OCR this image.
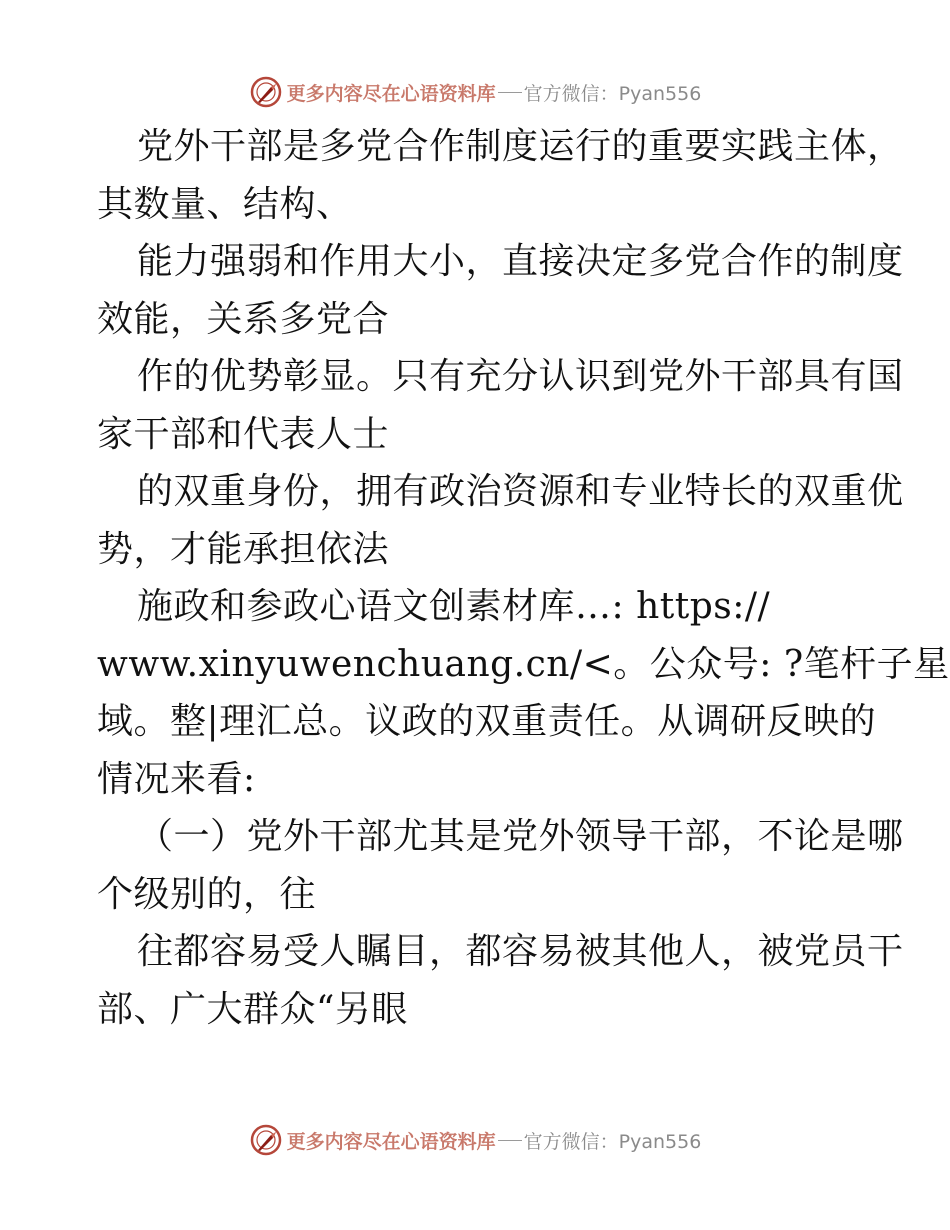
更多内容尽在心语资料库 官方微信：Pyan556
党外干部是多党合作制度运行的重要实践主体，
其数量、结构、
能力强弱和作用大小，直接决定多党合作的制度
效能，关系多党合
作的优势彰显。只有充分认识到党外干部具有国
家干部和代表人士
的双重身份，拥有政治资源和专业特长的双重优
势，才能承担依法
施政和参政心语文创素材库…: https://
www.xinyuwenchuang.cn/<。公众号: ?笔杆子星
域。整|理汇总。议政的双重责任。从调研反映的
情况来看:
（一）党外干部尤其是党外领导干部，不论是哪
个级别的，往
往都容易受人瞩目，都容易被其他人，被党员干
部、广大群众“另眼
更多内容尽在心语资料库 官方微信：Pyan556
